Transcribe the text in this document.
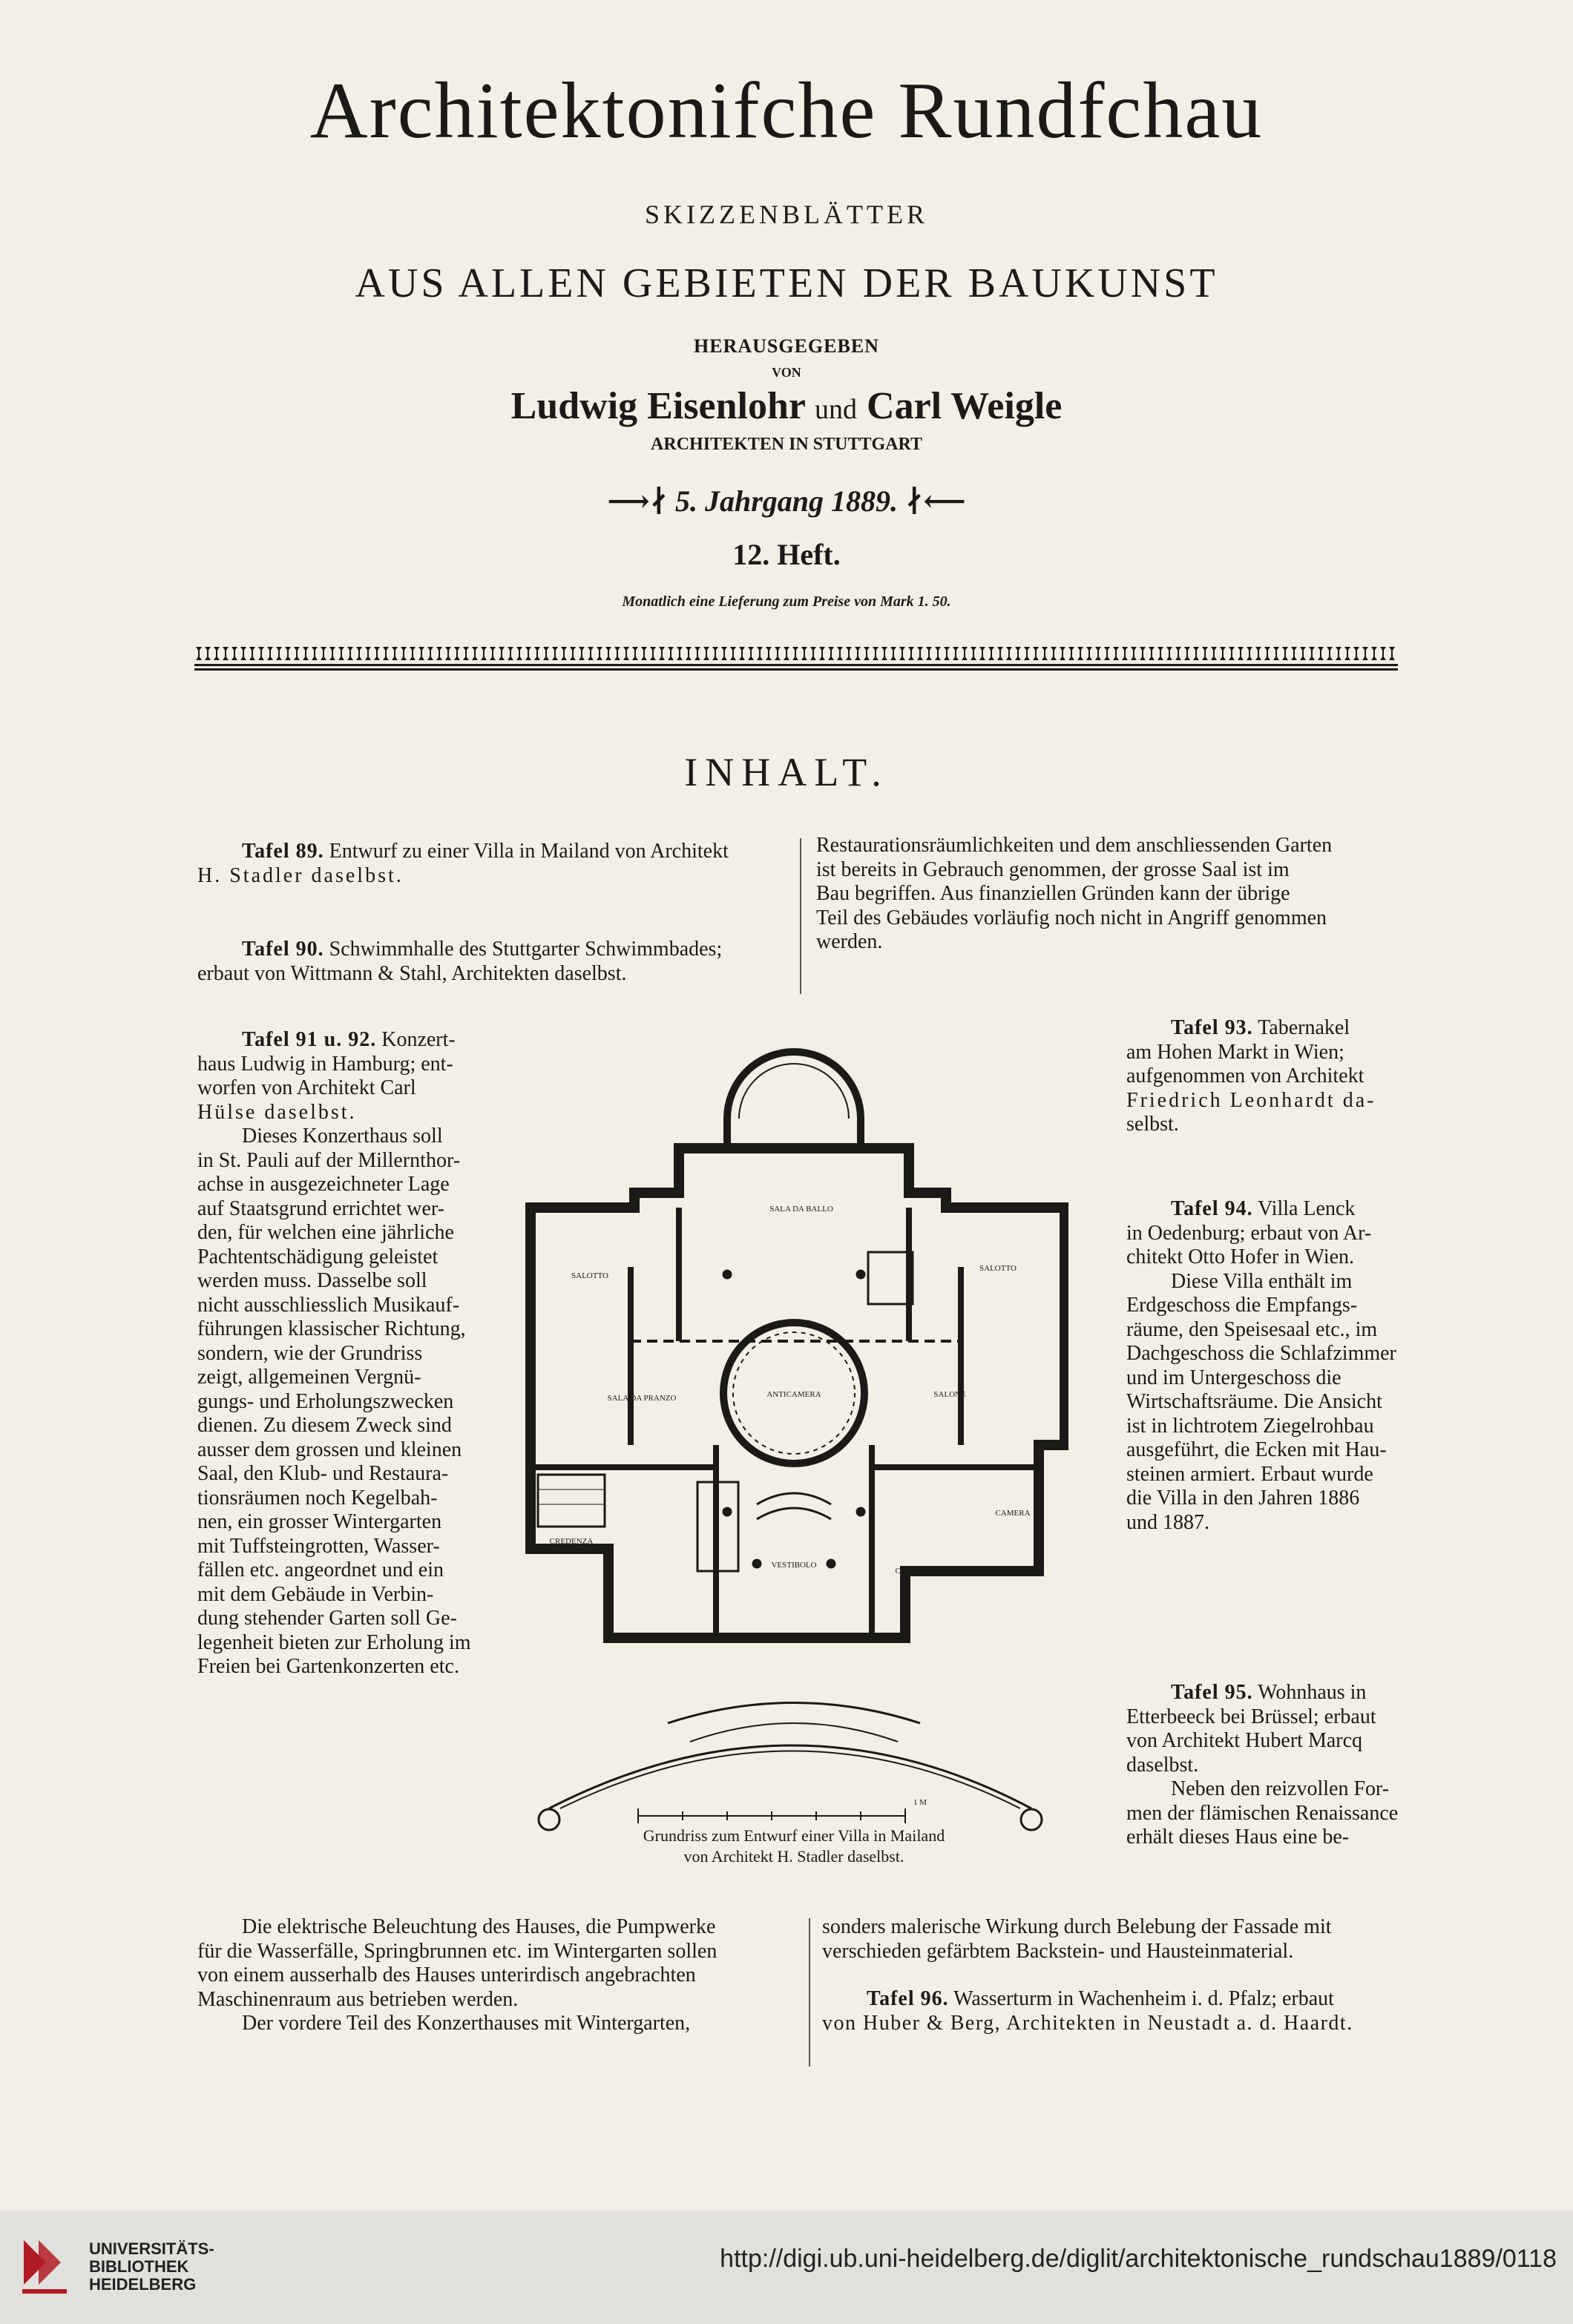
Architektonifche Rundfchau
SKIZZENBLÄTTER
AUS ALLEN GEBIETEN DER BAUKUNST
HERAUSGEGEBEN
VON
Ludwig Eisenlohr und Carl Weigle
ARCHITEKTEN IN STUTTGART
⟶∤ 5. Jahrgang 1889. ∤⟵
12. Heft.
Monatlich eine Lieferung zum Preise von Mark 1. 50.
INHALT.
Tafel 89. Entwurf zu einer Villa in Mailand von Architekt
H. Stadler daselbst.
Tafel 90. Schwimmhalle des Stuttgarter Schwimmbades;
erbaut von Wittmann & Stahl, Architekten daselbst.
Restaurationsräumlichkeiten und dem anschliessenden Garten
ist bereits in Gebrauch genommen, der grosse Saal ist im
Bau begriffen. Aus finanziellen Gründen kann der übrige
Teil des Gebäudes vorläufig noch nicht in Angriff genommen
werden.
Tafel 91 u. 92. Konzert-
haus Ludwig in Hamburg; ent-
worfen von Architekt Carl
Hülse daselbst.
Dieses Konzerthaus soll
in St. Pauli auf der Millernthor-
achse in ausgezeichneter Lage
auf Staatsgrund errichtet wer-
den, für welchen eine jährliche
Pachtentschädigung geleistet
werden muss. Dasselbe soll
nicht ausschliesslich Musikauf-
führungen klassischer Richtung,
sondern, wie der Grundriss
zeigt, allgemeinen Vergnü-
gungs- und Erholungszwecken
dienen. Zu diesem Zweck sind
ausser dem grossen und kleinen
Saal, den Klub- und Restaura-
tionsräumen noch Kegelbah-
nen, ein grosser Wintergarten
mit Tuffsteingrotten, Wasser-
fällen etc. angeordnet und ein
mit dem Gebäude in Verbin-
dung stehender Garten soll Ge-
legenheit bieten zur Erholung im
Freien bei Gartenkonzerten etc.
SALA DA BALLO
SALOTTO
SALOTTO
SALA DA PRANZO	ANTICAMERA	SALONE
CAMERA
CREDENZA
VESTIBOLO
CAMERA
1 M
Grundriss zum Entwurf einer Villa in Mailand
von Architekt H. Stadler daselbst.
Tafel 93. Tabernakel
am Hohen Markt in Wien;
aufgenommen von Architekt
Friedrich Leonhardt da-
selbst.
Tafel 94. Villa Lenck
in Oedenburg; erbaut von Ar-
chitekt Otto Hofer in Wien.
Diese Villa enthält im
Erdgeschoss die Empfangs-
räume, den Speisesaal etc., im
Dachgeschoss die Schlafzimmer
und im Untergeschoss die
Wirtschaftsräume. Die Ansicht
ist in lichtrotem Ziegelrohbau
ausgeführt, die Ecken mit Hau-
steinen armiert. Erbaut wurde
die Villa in den Jahren 1886
und 1887.
Tafel 95. Wohnhaus in
Etterbeeck bei Brüssel; erbaut
von Architekt Hubert Marcq
daselbst.
Neben den reizvollen For-
men der flämischen Renaissance
erhält dieses Haus eine be-
Die elektrische Beleuchtung des Hauses, die Pumpwerke
für die Wasserfälle, Springbrunnen etc. im Wintergarten sollen
von einem ausserhalb des Hauses unterirdisch angebrachten
Maschinenraum aus betrieben werden.
Der vordere Teil des Konzerthauses mit Wintergarten,
sonders malerische Wirkung durch Belebung der Fassade mit
verschieden gefärbtem Backstein- und Hausteinmaterial.
Tafel 96. Wasserturm in Wachenheim i. d. Pfalz; erbaut
von Huber & Berg, Architekten in Neustadt a. d. Haardt.
UNIVERSITÄTS-
BIBLIOTHEK
HEIDELBERG
http://digi.ub.uni-heidelberg.de/diglit/architektonische_rundschau1889/0118
